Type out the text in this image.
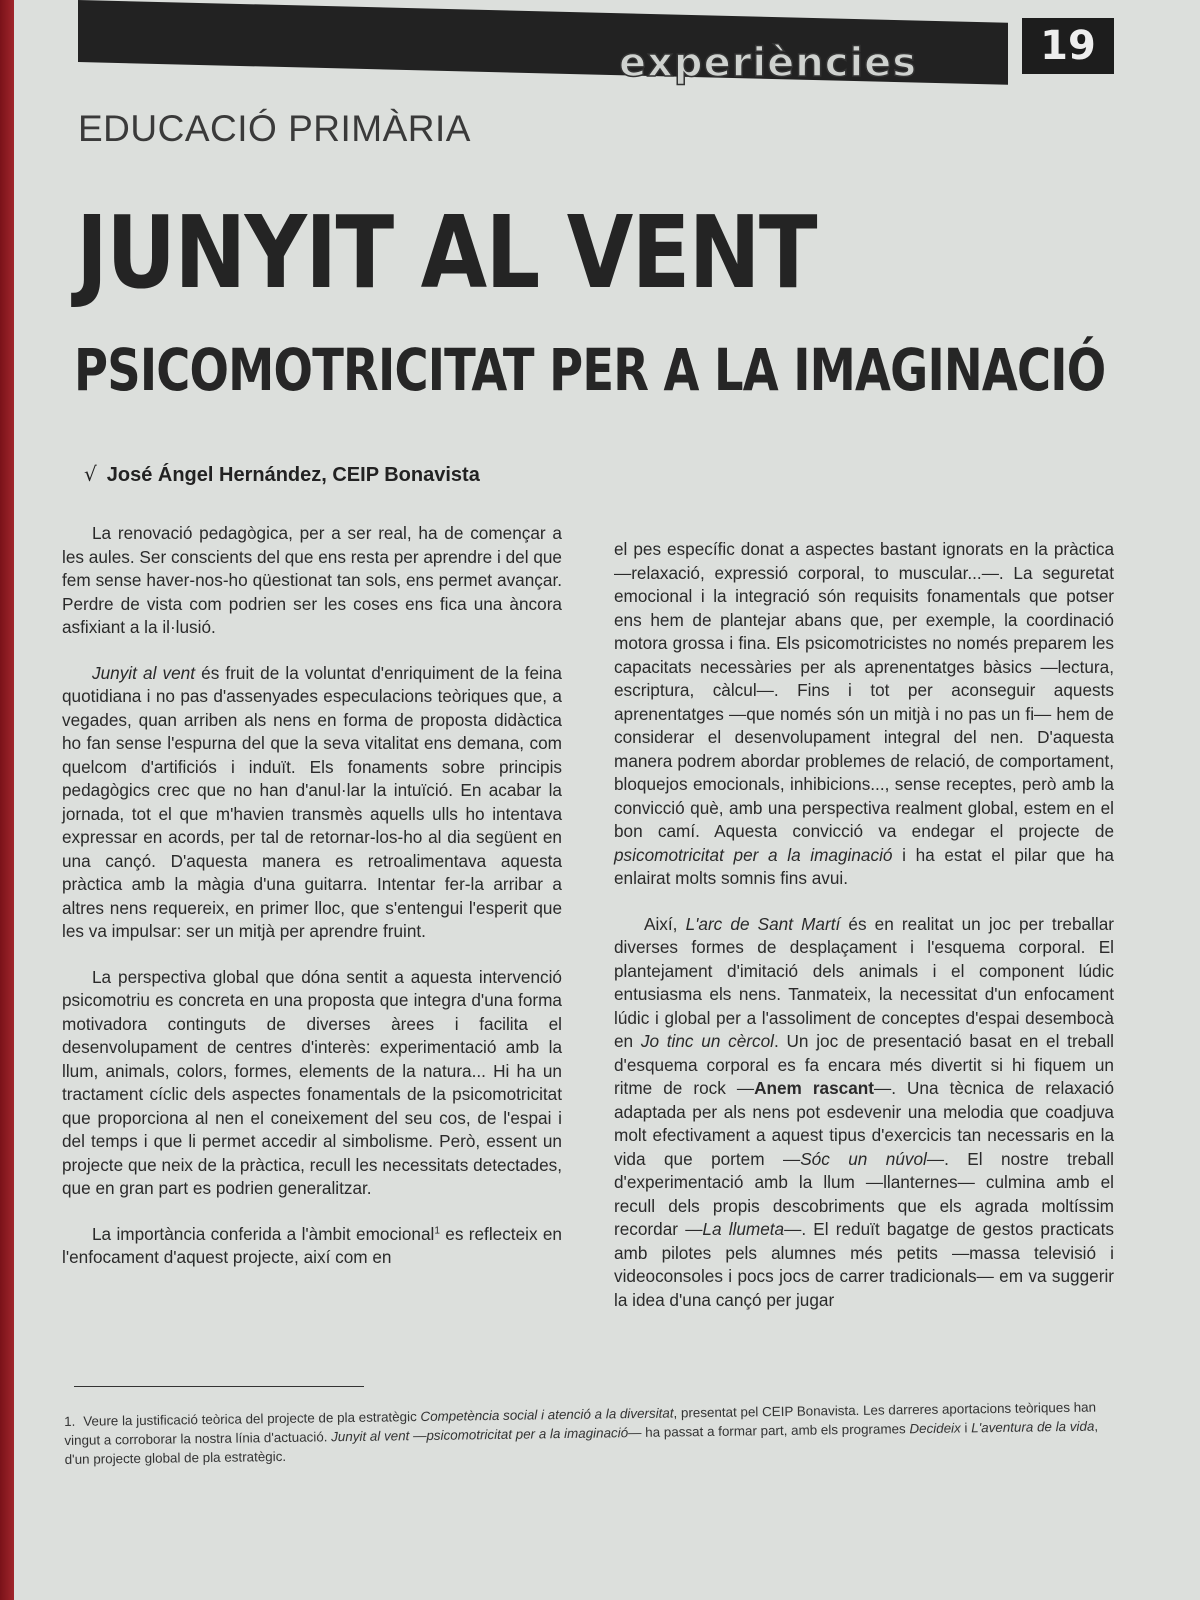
experiències	19
EDUCACIÓ PRIMÀRIA
JUNYIT AL VENT
PSICOMOTRICITAT PER A LA IMAGINACIÓ
√ José Ángel Hernández, CEIP Bonavista

La renovació pedagògica, per a ser real, ha de començar a les aules. Ser conscients del que ens resta per aprendre i del que fem sense haver-nos-ho qüestionat tan sols, ens permet avançar. Perdre de vista com podrien ser les coses ens fica una àncora asfixiant a la il·lusió.

Junyit al vent és fruit de la voluntat d'enriquiment de la feina quotidiana i no pas d'assenyades especulacions teòriques que, a vegades, quan arriben als nens en forma de proposta didàctica ho fan sense l'espurna del que la seva vitalitat ens demana, com quelcom d'artificiós i induït. Els fonaments sobre principis pedagògics crec que no han d'anul·lar la intuïció. En acabar la jornada, tot el que m'havien transmès aquells ulls ho intentava expressar en acords, per tal de retornar-los-ho al dia següent en una cançó. D'aquesta manera es retroalimentava aquesta pràctica amb la màgia d'una guitarra. Intentar fer-la arribar a altres nens requereix, en primer lloc, que s'entengui l'esperit que les va impulsar: ser un mitjà per aprendre fruint.

La perspectiva global que dóna sentit a aquesta intervenció psicomotriu es concreta en una proposta que integra d'una forma motivadora continguts de diverses àrees i facilita el desenvolupament de centres d'interès: experimentació amb la llum, animals, colors, formes, elements de la natura... Hi ha un tractament cíclic dels aspectes fonamentals de la psicomotricitat que proporciona al nen el coneixement del seu cos, de l'espai i del temps i que li permet accedir al simbolisme. Però, essent un projecte que neix de la pràctica, recull les necessitats detectades, que en gran part es podrien generalitzar.

La importància conferida a l'àmbit emocional$^1$ es reflecteix en l'enfocament d'aquest projecte, així com en

el pes específic donat a aspectes bastant ignorats en la pràctica —relaxació, expressió corporal, to muscular...—. La seguretat emocional i la integració són requisits fonamentals que potser ens hem de plantejar abans que, per exemple, la coordinació motora grossa i fina. Els psicomotricistes no només preparem les capacitats necessàries per als aprenentatges bàsics —lectura, escriptura, càlcul—. Fins i tot per aconseguir aquests aprenentatges —que només són un mitjà i no pas un fi— hem de considerar el desenvolupament integral del nen. D'aquesta manera podrem abordar problemes de relació, de comportament, bloquejos emocionals, inhibicions..., sense receptes, però amb la convicció què, amb una perspectiva realment global, estem en el bon camí. Aquesta convicció va endegar el projecte de psicomotricitat per a la imaginació i ha estat el pilar que ha enlairat molts somnis fins avui.

Així, L'arc de Sant Martí és en realitat un joc per treballar diverses formes de desplaçament i l'esquema corporal. El plantejament d'imitació dels animals i el component lúdic entusiasma els nens. Tanmateix, la necessitat d'un enfocament lúdic i global per a l'assoliment de conceptes d'espai desembocà en Jo tinc un cèrcol. Un joc de presentació basat en el treball d'esquema corporal es fa encara més divertit si hi fiquem un ritme de rock —Anem rascant—. Una tècnica de relaxació adaptada per als nens pot esdevenir una melodia que coadjuva molt efectivament a aquest tipus d'exercicis tan necessaris en la vida que portem —Sóc un núvol—. El nostre treball d'experimentació amb la llum —llanternes— culmina amb el recull dels propis descobriments que els agrada moltíssim recordar —La llumeta—. El reduït bagatge de gestos practicats amb pilotes pels alumnes més petits —massa televisió i videoconsoles i pocs jocs de carrer tradicionals— em va suggerir la idea d'una cançó per jugar

1. Veure la justificació teòrica del projecte de pla estratègic Competència social i atenció a la diversitat, presentat pel CEIP Bonavista. Les darreres aportacions teòriques han vingut a corroborar la nostra línia d'actuació. Junyit al vent —psicomotricitat per a la imaginació— ha passat a formar part, amb els programes Decideix i L'aventura de la vida, d'un projecte global de pla estratègic.
